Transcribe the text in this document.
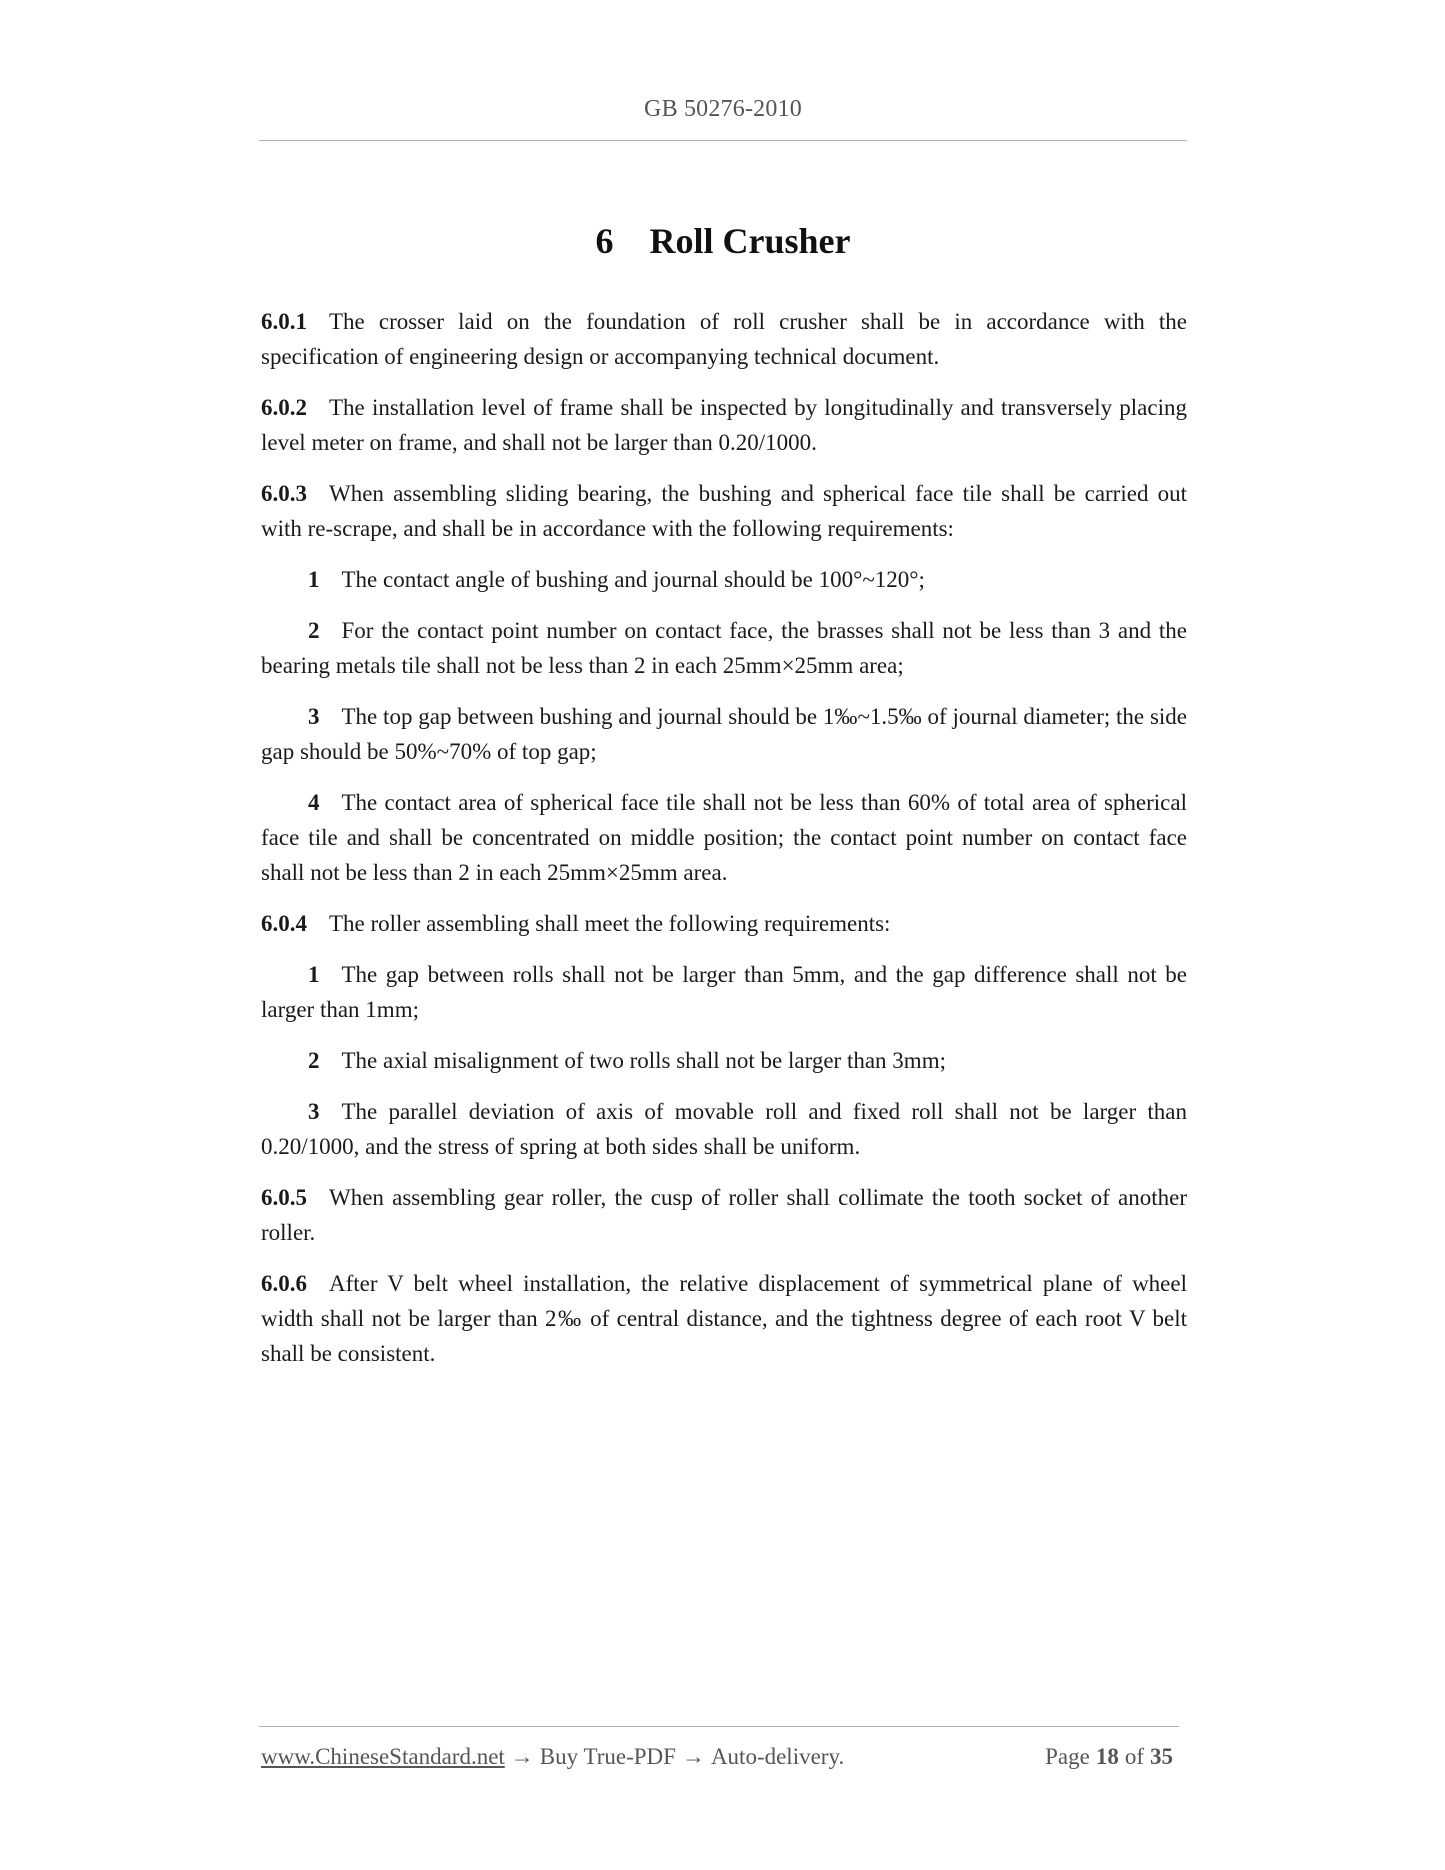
GB 50276-2010
6 Roll Crusher

6.0.1 The crosser laid on the foundation of roll crusher shall be in accordance with the specification of engineering design or accompanying technical document.

6.0.2 The installation level of frame shall be inspected by longitudinally and transversely placing level meter on frame, and shall not be larger than 0.20/1000.

6.0.3 When assembling sliding bearing, the bushing and spherical face tile shall be carried out with re-scrape, and shall be in accordance with the following requirements:

1 The contact angle of bushing and journal should be 100°~120°;

2 For the contact point number on contact face, the brasses shall not be less than 3 and the bearing metals tile shall not be less than 2 in each 25mm×25mm area;

3 The top gap between bushing and journal should be 1‰~1.5‰ of journal diameter; the side gap should be 50%~70% of top gap;

4 The contact area of spherical face tile shall not be less than 60% of total area of spherical face tile and shall be concentrated on middle position; the contact point number on contact face shall not be less than 2 in each 25mm×25mm area.

6.0.4 The roller assembling shall meet the following requirements:

1 The gap between rolls shall not be larger than 5mm, and the gap difference shall not be larger than 1mm;

2 The axial misalignment of two rolls shall not be larger than 3mm;

3 The parallel deviation of axis of movable roll and fixed roll shall not be larger than 0.20/1000, and the stress of spring at both sides shall be uniform.

6.0.5 When assembling gear roller, the cusp of roller shall collimate the tooth socket of another roller.

6.0.6 After V belt wheel installation, the relative displacement of symmetrical plane of wheel width shall not be larger than 2‰ of central distance, and the tightness degree of each root V belt shall be consistent.

www.ChineseStandard.net → Buy True-PDF → Auto-delivery.	Page 18 of 35
